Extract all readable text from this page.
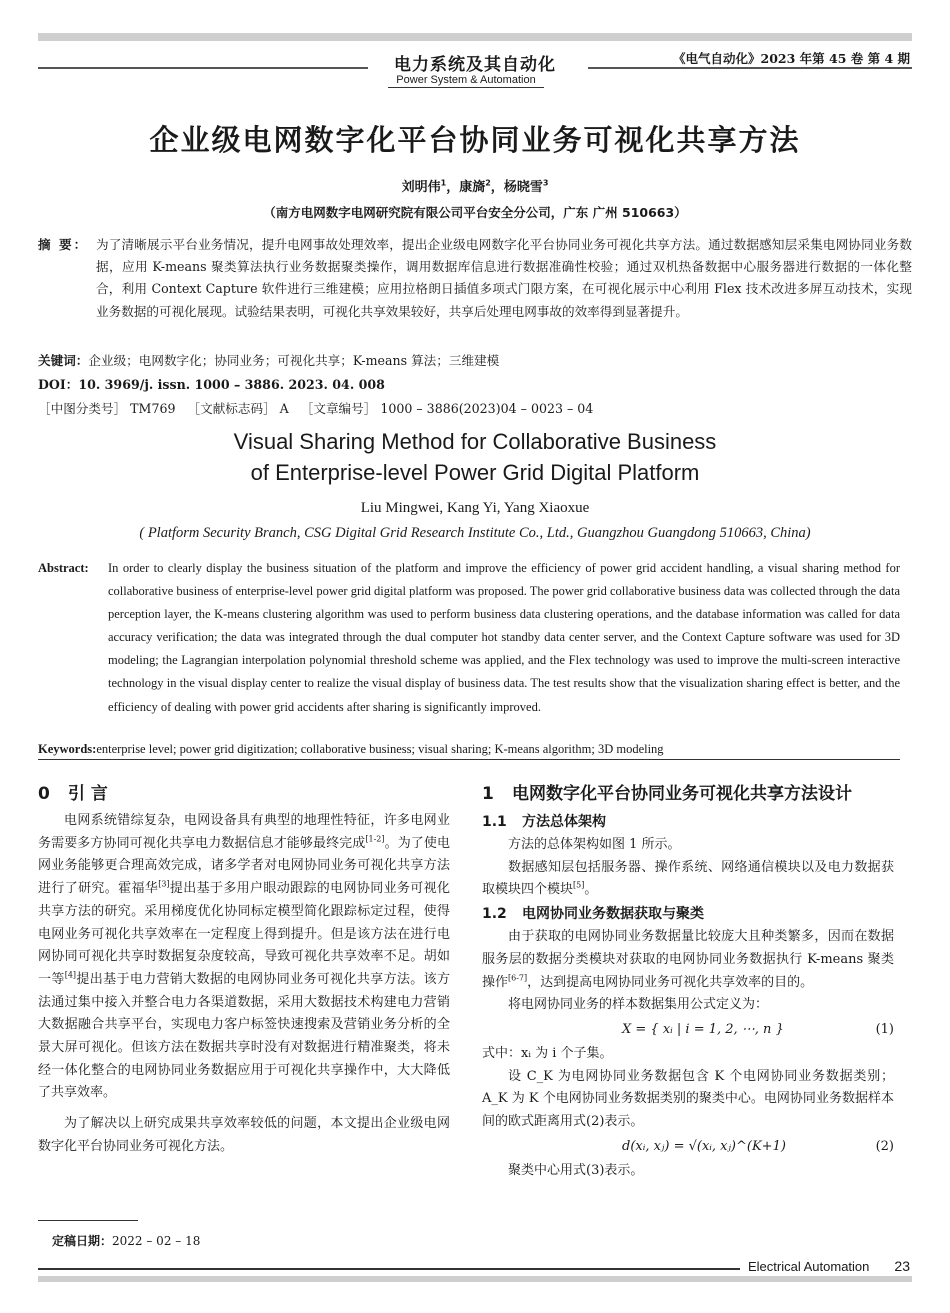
电力系统及其自动化
Power System & Automation
《电气自动化》2023 年第 45 卷 第 4 期
企业级电网数字化平台协同业务可视化共享方法
刘明伟$^1$，康旖$^2$，杨晓雪$^3$
（南方电网数字电网研究院有限公司平台安全分公司，广东 广州 510663）
摘 要： 为了清晰展示平台业务情况，提升电网事故处理效率，提出企业级电网数字化平台协同业务可视化共享方法。通过数据感知层采集电网协同业务数据，应用 K-means 聚类算法执行业务数据聚类操作，调用数据库信息进行数据准确性校验；通过双机热备数据中心服务器进行数据的一体化整合，利用 Context Capture 软件进行三维建模；应用拉格朗日插值多项式门限方案，在可视化展示中心利用 Flex 技术改进多屏互动技术，实现业务数据的可视化展现。试验结果表明，可视化共享效果较好，共享后处理电网事故的效率得到显著提升。
关键词：企业级；电网数字化；协同业务；可视化共享；K-means 算法；三维建模
DOI：10. 3969/j. issn. 1000 – 3886. 2023. 04. 008
［中图分类号］ TM769   ［文献标志码］ A   ［文章编号］ 1000 – 3886(2023)04 – 0023 – 04
Visual Sharing Method for Collaborative Business
of Enterprise-level Power Grid Digital Platform
Liu Mingwei, Kang Yi, Yang Xiaoxue
( Platform Security Branch, CSG Digital Grid Research Institute Co., Ltd., Guangzhou Guangdong 510663, China)
Abstract:	In order to clearly display the business situation of the platform and improve the efficiency of power grid accident handling, a visual sharing method for collaborative business of enterprise-level power grid digital platform was proposed. The power grid collaborative business data was collected through the data perception layer, the K-means clustering algorithm was used to perform business data clustering operations, and the database information was called for data accuracy verification; the data was integrated through the dual computer hot standby data center server, and the Context Capture software was used for 3D modeling; the Lagrangian interpolation polynomial threshold scheme was applied, and the Flex technology was used to improve the multi-screen interactive technology in the visual display center to realize the visual display of business data. The test results show that the visualization sharing effect is better, and the efficiency of dealing with power grid accidents after sharing is significantly improved.
Keywords:enterprise level; power grid digitization; collaborative business; visual sharing; K-means algorithm; 3D modeling
0 引 言

电网系统错综复杂，电网设备具有典型的地理性特征，许多电网业务需要多方协同可视化共享电力数据信息才能够最终完成[1-2]。为了使电网业务能够更合理高效完成，诸多学者对电网协同业务可视化共享方法进行了研究。霍福华[3]提出基于多用户眼动跟踪的电网协同业务可视化共享方法的研究。采用梯度优化协同标定模型简化跟踪标定过程，使得电网业务可视化共享效率在一定程度上得到提升。但是该方法在进行电网协同可视化共享时数据复杂度较高，导致可视化共享效率不足。胡如一等[4]提出基于电力营销大数据的电网协同业务可视化共享方法。该方法通过集中接入并整合电力各渠道数据，采用大数据技术构建电力营销大数据融合共享平台，实现电力客户标签快速搜索及营销业务分析的全景大屏可视化。但该方法在数据共享时没有对数据进行精准聚类，将未经一体化整合的电网协同业务数据应用于可视化共享操作中，大大降低了共享效率。

为了解决以上研究成果共享效率较低的问题，本文提出企业级电网数字化平台协同业务可视化方法。

1 电网数字化平台协同业务可视化共享方法设计
1.1 方法总体架构

方法的总体架构如图 1 所示。

数据感知层包括服务器、操作系统、网络通信模块以及电力数据获取模块四个模块[5]。

1.2 电网协同业务数据获取与聚类

由于获取的电网协同业务数据量比较庞大且种类繁多，因而在数据服务层的数据分类模块对获取的电网协同业务数据执行 K-means 聚类操作[6-7]，达到提高电网协同业务可视化共享效率的目的。

将电网协同业务的样本数据集用公式定义为：

X = { xᵢ | i = 1, 2, ⋯, n }	(1)

式中：xᵢ 为 i 个子集。

设 C_K 为电网协同业务数据包含 K 个电网协同业务数据类别；A_K 为 K 个电网协同业务数据类别的聚类中心。电网协同业务数据样本间的欧式距离用式(2)表示。

d(xᵢ, xⱼ) = √(xᵢ, xⱼ)^(K+1)	(2)

聚类中心用式(3)表示。

定稿日期：2022 – 02 – 18
Electrical Automation 23
